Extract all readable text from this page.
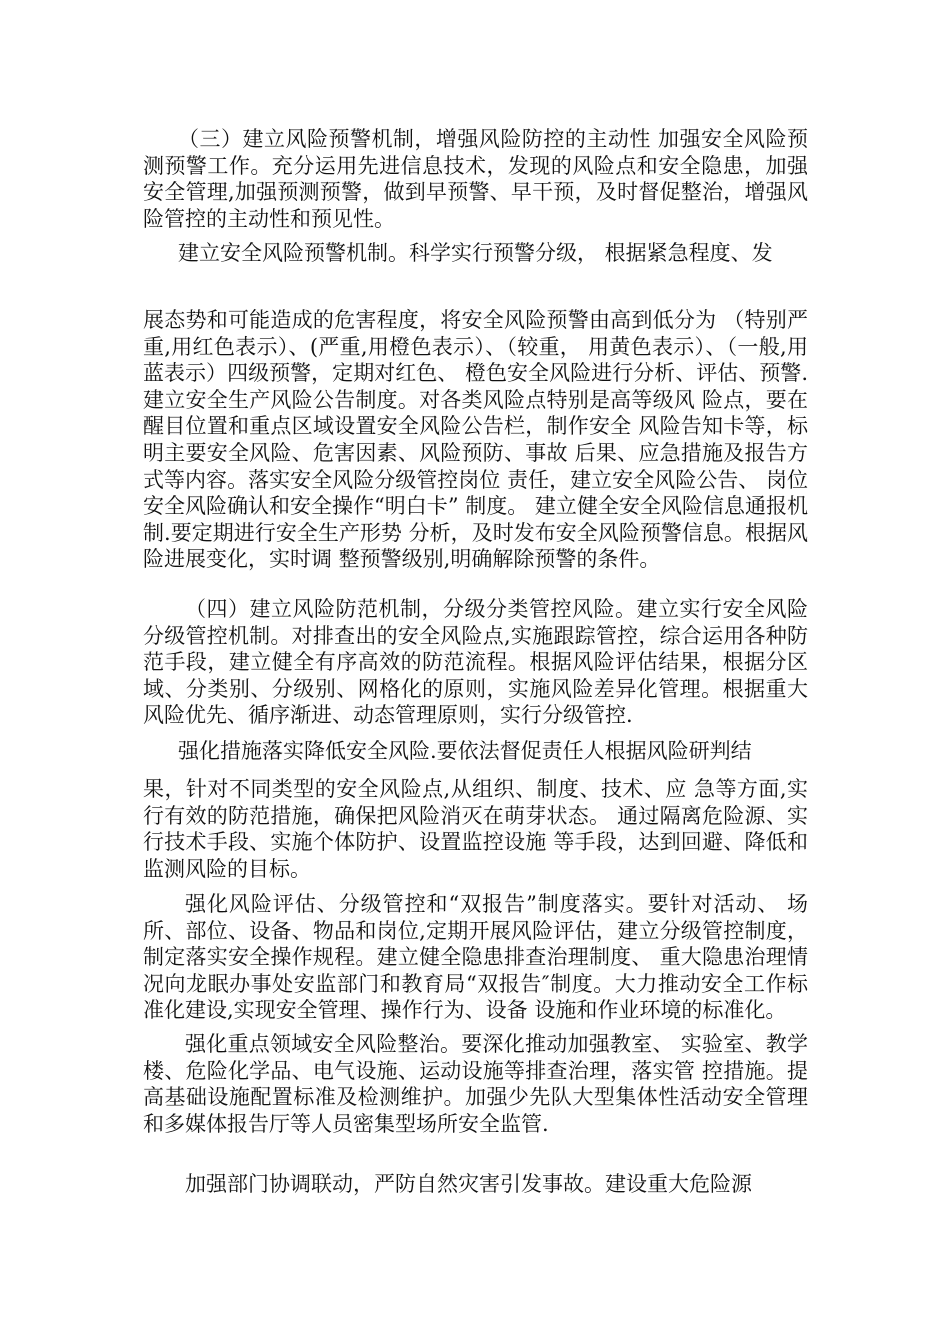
（三）建立风险预警机制，增强风险防控的主动性 加强安全风险预测预警工作。充分运用先进信息技术，发现的风险点和安全隐患，加强安全管理,加强预测预警，做到早预警、早干预，及时督促整治，增强风险管控的主动性和预见性。

建立安全风险预警机制。科学实行预警分级， 根据紧急程度、发

展态势和可能造成的危害程度，将安全风险预警由高到低分为 （特别严重,用红色表示）、(严重,用橙色表示）、（较重， 用黄色表示）、（一般,用蓝表示）四级预警，定期对红色、 橙色安全风险进行分析、评估、预警. 建立安全生产风险公告制度。对各类风险点特别是高等级风 险点，要在醒目位置和重点区域设置安全风险公告栏，制作安全 风险告知卡等，标明主要安全风险、危害因素、风险预防、事故 后果、应急措施及报告方式等内容。落实安全风险分级管控岗位 责任，建立安全风险公告、 岗位安全风险确认和安全操作“明白卡” 制度。 建立健全安全风险信息通报机制.要定期进行安全生产形势 分析，及时发布安全风险预警信息。根据风险进展变化，实时调 整预警级别,明确解除预警的条件。

（四）建立风险防范机制，分级分类管控风险。建立实行安全风险分级管控机制。对排查出的安全风险点,实施跟踪管控，综合运用各种防范手段，建立健全有序高效的防范流程。根据风险评估结果，根据分区域、分类别、分级别、网格化的原则，实施风险差异化管理。根据重大风险优先、循序渐进、动态管理原则，实行分级管控.

强化措施落实降低安全风险.要依法督促责任人根据风险研判结

果，针对不同类型的安全风险点,从组织、制度、技术、应 急等方面,实行有效的防范措施，确保把风险消灭在萌芽状态。 通过隔离危险源、实行技术手段、实施个体防护、设置监控设施 等手段，达到回避、降低和监测风险的目标。

强化风险评估、分级管控和“双报告”制度落实。要针对活动、 场所、部位、设备、物品和岗位,定期开展风险评估，建立分级管控制度，制定落实安全操作规程。建立健全隐患排查治理制度、 重大隐患治理情况向龙眠办事处安监部门和教育局“双报告″制度。大力推动安全工作标准化建设,实现安全管理、操作行为、设备 设施和作业环境的标准化。

强化重点领域安全风险整治。要深化推动加强教室、 实验室、教学楼、危险化学品、电气设施、运动设施等排查治理，落实管 控措施。提高基础设施配置标准及检测维护。加强少先队大型集体性活动安全管理和多媒体报告厅等人员密集型场所安全监管.

加强部门协调联动，严防自然灾害引发事故。建设重大危险源
